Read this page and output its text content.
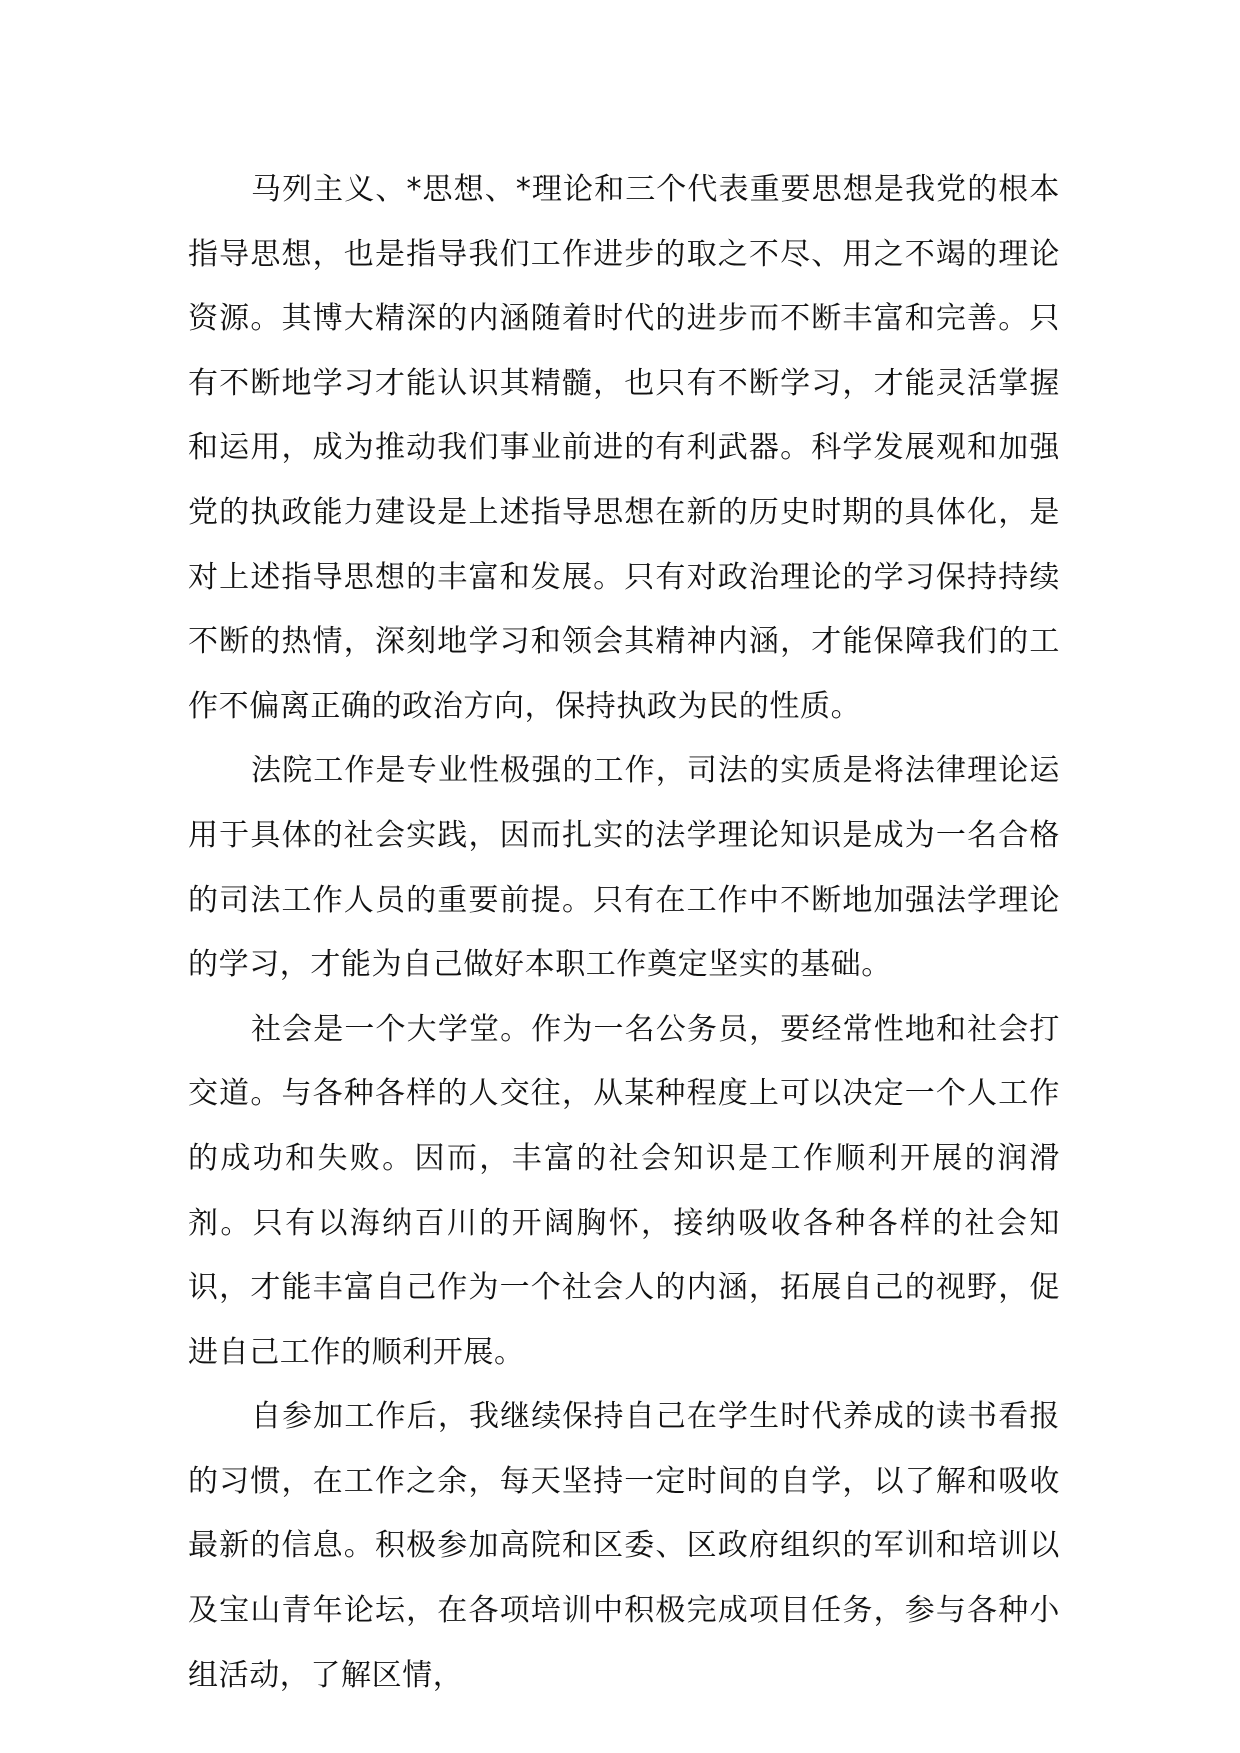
马列主义、*思想、*理论和三个代表重要思想是我党的根本指导思想，也是指导我们工作进步的取之不尽、用之不竭的理论资源。其博大精深的内涵随着时代的进步而不断丰富和完善。只有不断地学习才能认识其精髓，也只有不断学习，才能灵活掌握和运用，成为推动我们事业前进的有利武器。科学发展观和加强党的执政能力建设是上述指导思想在新的历史时期的具体化，是对上述指导思想的丰富和发展。只有对政治理论的学习保持持续不断的热情，深刻地学习和领会其精神内涵，才能保障我们的工作不偏离正确的政治方向，保持执政为民的性质。

法院工作是专业性极强的工作，司法的实质是将法律理论运用于具体的社会实践，因而扎实的法学理论知识是成为一名合格的司法工作人员的重要前提。只有在工作中不断地加强法学理论的学习，才能为自己做好本职工作奠定坚实的基础。

社会是一个大学堂。作为一名公务员，要经常性地和社会打交道。与各种各样的人交往，从某种程度上可以决定一个人工作的成功和失败。因而，丰富的社会知识是工作顺利开展的润滑剂。只有以海纳百川的开阔胸怀，接纳吸收各种各样的社会知识，才能丰富自己作为一个社会人的内涵，拓展自己的视野，促进自己工作的顺利开展。

自参加工作后，我继续保持自己在学生时代养成的读书看报的习惯，在工作之余，每天坚持一定时间的自学，以了解和吸收最新的信息。积极参加高院和区委、区政府组织的军训和培训以及宝山青年论坛，在各项培训中积极完成项目任务，参与各种小组活动，了解区情，
